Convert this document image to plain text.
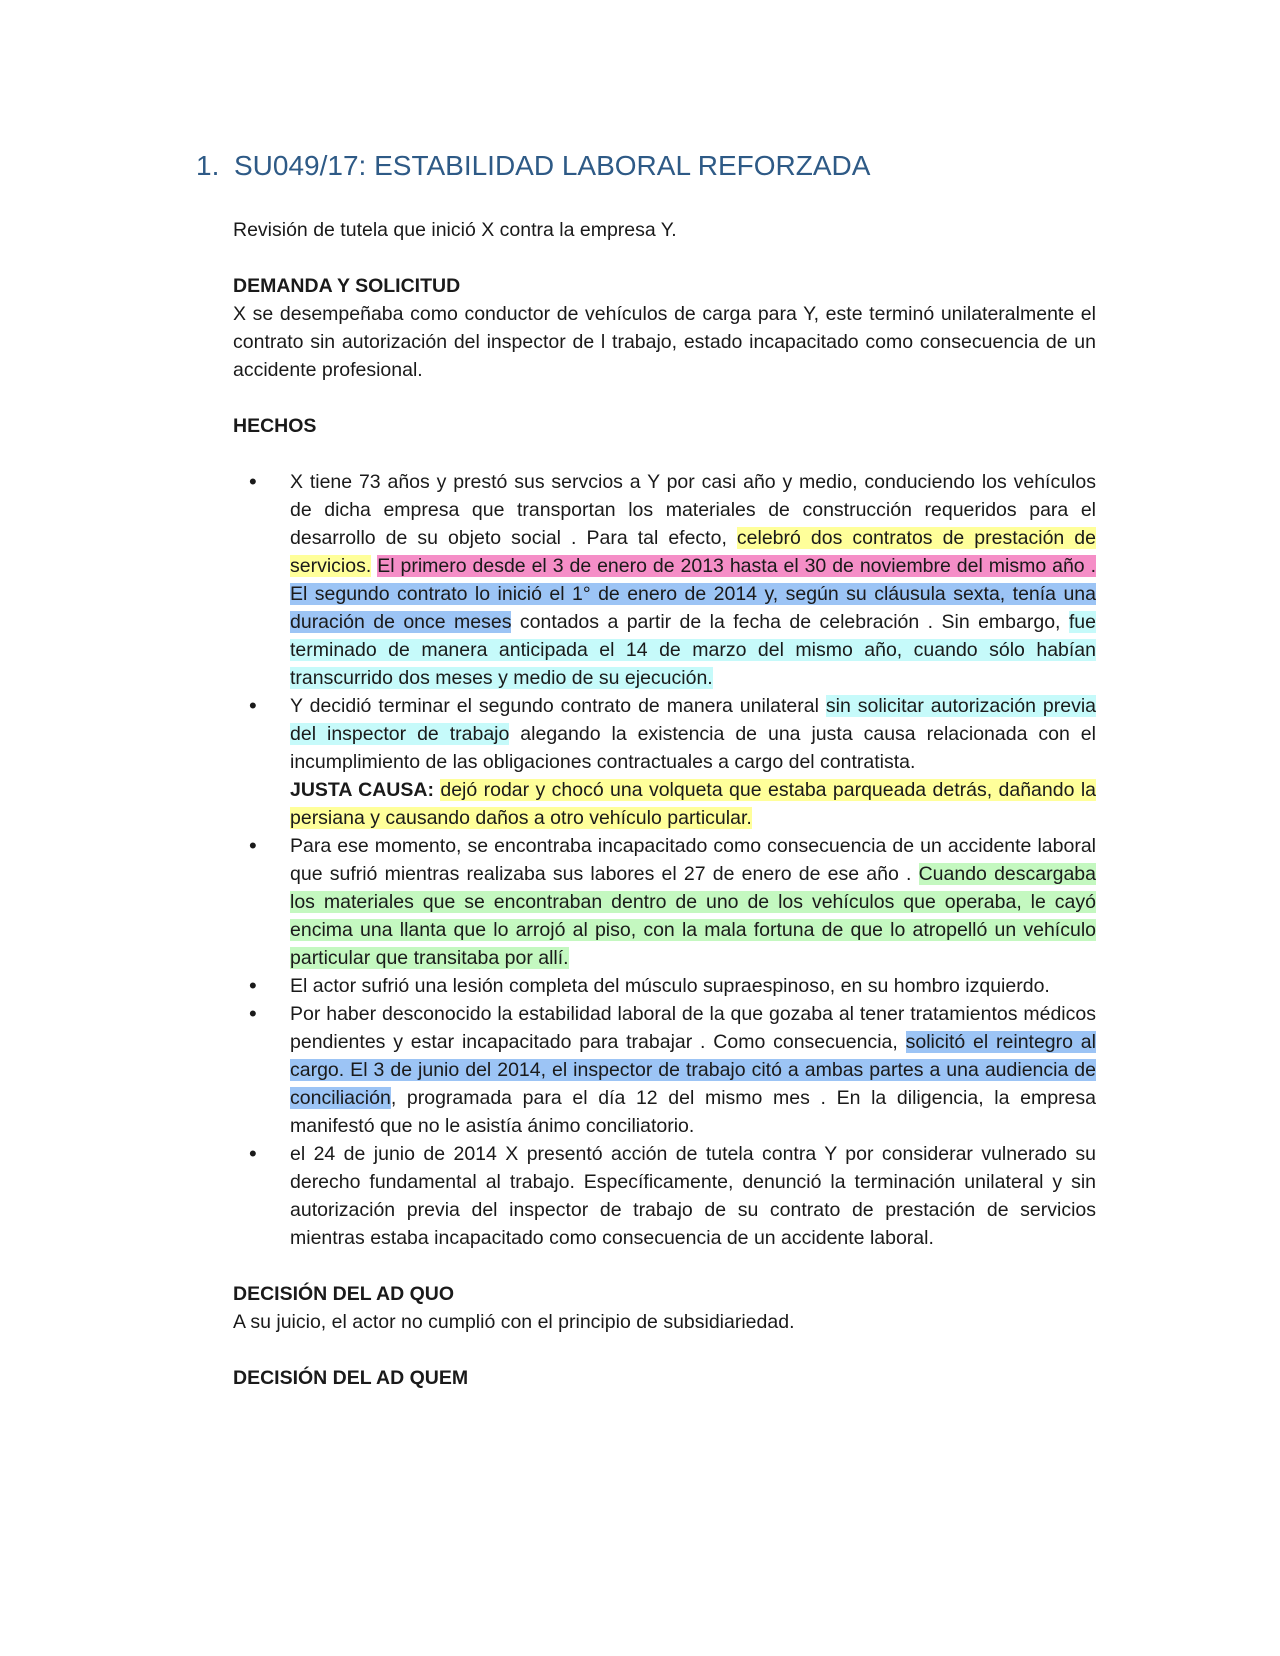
1. SU049/17: ESTABILIDAD LABORAL REFORZADA

Revisión de tutela que inició X contra la empresa Y.

DEMANDA Y SOLICITUD

X se desempeñaba como conductor de vehículos de carga para Y, este terminó unilateralmente el contrato sin autorización del inspector de l trabajo, estado incapacitado como consecuencia de un accidente profesional.

HECHOS

• X tiene 73 años y prestó sus servcios a Y por casi año y medio, conduciendo los vehículos de dicha empresa que transportan los materiales de construcción requeridos para el desarrollo de su objeto social . Para tal efecto, celebró dos contratos de prestación de servicios. El primero desde el 3 de enero de 2013 hasta el 30 de noviembre del mismo año . El segundo contrato lo inició el 1° de enero de 2014 y, según su cláusula sexta, tenía una duración de once meses contados a partir de la fecha de celebración . Sin embargo, fue terminado de manera anticipada el 14 de marzo del mismo año, cuando sólo habían transcurrido dos meses y medio de su ejecución.
• Y decidió terminar el segundo contrato de manera unilateral sin solicitar autorización previa del inspector de trabajo alegando la existencia de una justa causa relacionada con el incumplimiento de las obligaciones contractuales a cargo del contratista.
JUSTA CAUSA: dejó rodar y chocó una volqueta que estaba parqueada detrás, dañando la persiana y causando daños a otro vehículo particular.
• Para ese momento, se encontraba incapacitado como consecuencia de un accidente laboral que sufrió mientras realizaba sus labores el 27 de enero de ese año . Cuando descargaba los materiales que se encontraban dentro de uno de los vehículos que operaba, le cayó encima una llanta que lo arrojó al piso, con la mala fortuna de que lo atropelló un vehículo particular que transitaba por allí.
• El actor sufrió una lesión completa del músculo supraespinoso, en su hombro izquierdo.
• Por haber desconocido la estabilidad laboral de la que gozaba al tener tratamientos médicos pendientes y estar incapacitado para trabajar . Como consecuencia, solicitó el reintegro al cargo. El 3 de junio del 2014, el inspector de trabajo citó a ambas partes a una audiencia de conciliación, programada para el día 12 del mismo mes . En la diligencia, la empresa manifestó que no le asistía ánimo conciliatorio.
• el 24 de junio de 2014 X presentó acción de tutela contra Y por considerar vulnerado su derecho fundamental al trabajo. Específicamente, denunció la terminación unilateral y sin autorización previa del inspector de trabajo de su contrato de prestación de servicios mientras estaba incapacitado como consecuencia de un accidente laboral.

DECISIÓN DEL AD QUO

A su juicio, el actor no cumplió con el principio de subsidiariedad.

DECISIÓN DEL AD QUEM
